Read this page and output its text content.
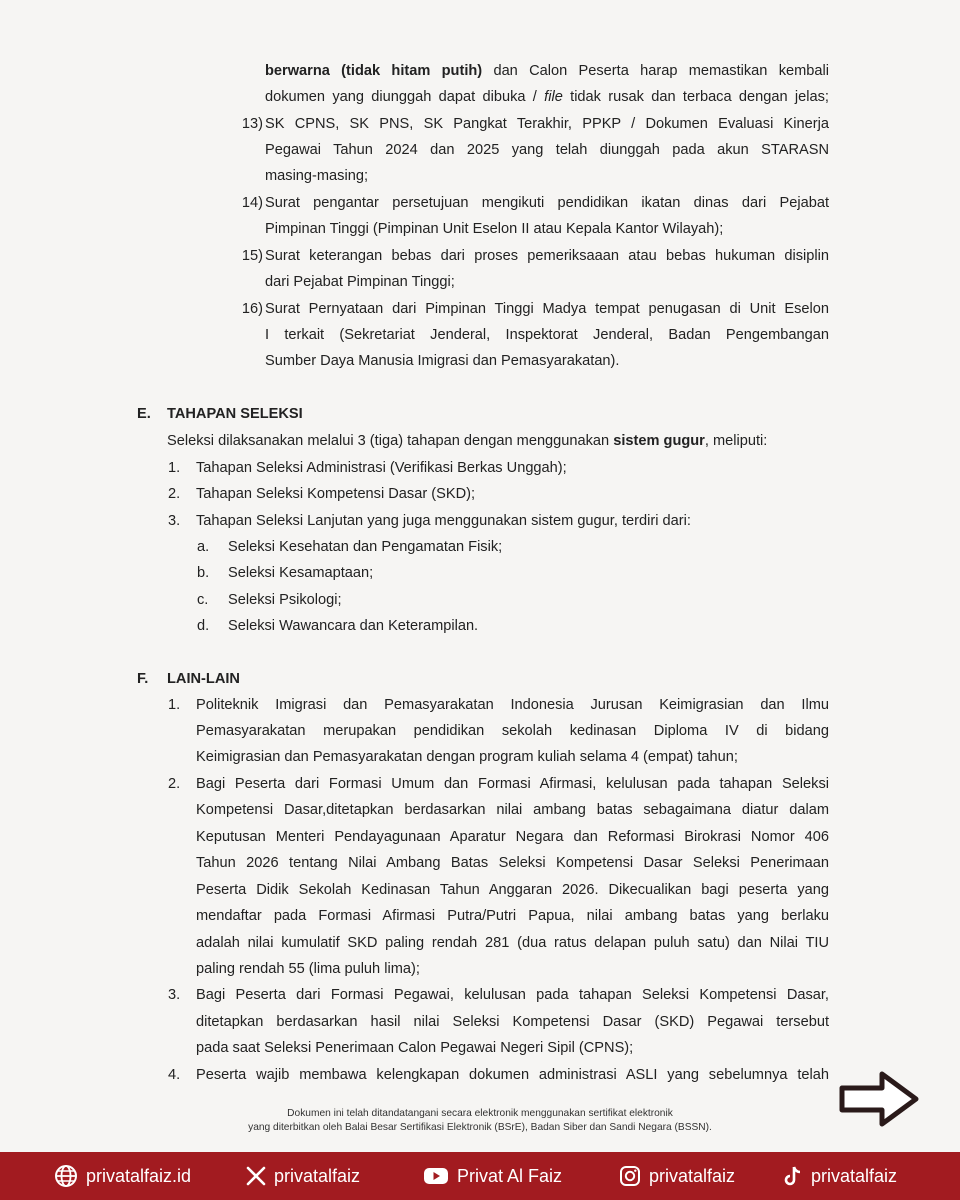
berwarna (tidak hitam putih) dan Calon Peserta harap memastikan kembali
dokumen yang diunggah dapat dibuka / file tidak rusak dan terbaca dengan jelas;
13) SK CPNS, SK PNS, SK Pangkat Terakhir, PPKP / Dokumen Evaluasi Kinerja
Pegawai Tahun 2024 dan 2025 yang telah diunggah pada akun STARASN
masing-masing;
14) Surat pengantar persetujuan mengikuti pendidikan ikatan dinas dari Pejabat
Pimpinan Tinggi (Pimpinan Unit Eselon II atau Kepala Kantor Wilayah);
15) Surat keterangan bebas dari proses pemeriksaaan atau bebas hukuman disiplin
dari Pejabat Pimpinan Tinggi;
16) Surat Pernyataan dari Pimpinan Tinggi Madya tempat penugasan di Unit Eselon
I terkait (Sekretariat Jenderal, Inspektorat Jenderal, Badan Pengembangan
Sumber Daya Manusia Imigrasi dan Pemasyarakatan).
E. TAHAPAN SELEKSI
Seleksi dilaksanakan melalui 3 (tiga) tahapan dengan menggunakan sistem gugur, meliputi:
1. Tahapan Seleksi Administrasi (Verifikasi Berkas Unggah);
2. Tahapan Seleksi Kompetensi Dasar (SKD);
3. Tahapan Seleksi Lanjutan yang juga menggunakan sistem gugur, terdiri dari:
a. Seleksi Kesehatan dan Pengamatan Fisik;
b. Seleksi Kesamaptaan;
c. Seleksi Psikologi;
d. Seleksi Wawancara dan Keterampilan.
F. LAIN-LAIN
1. Politeknik Imigrasi dan Pemasyarakatan Indonesia Jurusan Keimigrasian dan Ilmu
Pemasyarakatan merupakan pendidikan sekolah kedinasan Diploma IV di bidang
Keimigrasian dan Pemasyarakatan dengan program kuliah selama 4 (empat) tahun;
2. Bagi Peserta dari Formasi Umum dan Formasi Afirmasi, kelulusan pada tahapan Seleksi
Kompetensi Dasar,ditetapkan berdasarkan nilai ambang batas sebagaimana diatur dalam
Keputusan Menteri Pendayagunaan Aparatur Negara dan Reformasi Birokrasi Nomor 406
Tahun 2026 tentang Nilai Ambang Batas Seleksi Kompetensi Dasar Seleksi Penerimaan
Peserta Didik Sekolah Kedinasan Tahun Anggaran 2026. Dikecualikan bagi peserta yang
mendaftar pada Formasi Afirmasi Putra/Putri Papua, nilai ambang batas yang berlaku
adalah nilai kumulatif SKD paling rendah 281 (dua ratus delapan puluh satu) dan Nilai TIU
paling rendah 55 (lima puluh lima);
3. Bagi Peserta dari Formasi Pegawai, kelulusan pada tahapan Seleksi Kompetensi Dasar,
ditetapkan berdasarkan hasil nilai Seleksi Kompetensi Dasar (SKD) Pegawai tersebut
pada saat Seleksi Penerimaan Calon Pegawai Negeri Sipil (CPNS);
4. Peserta wajib membawa kelengkapan dokumen administrasi ASLI yang sebelumnya telah
Dokumen ini telah ditandatangani secara elektronik menggunakan sertifikat elektronik
yang diterbitkan oleh Balai Besar Sertifikasi Elektronik (BSrE), Badan Siber dan Sandi Negara (BSSN).
privatalfaiz.id	privatalfaiz	Privat Al Faiz	privatalfaiz	privatalfaiz
